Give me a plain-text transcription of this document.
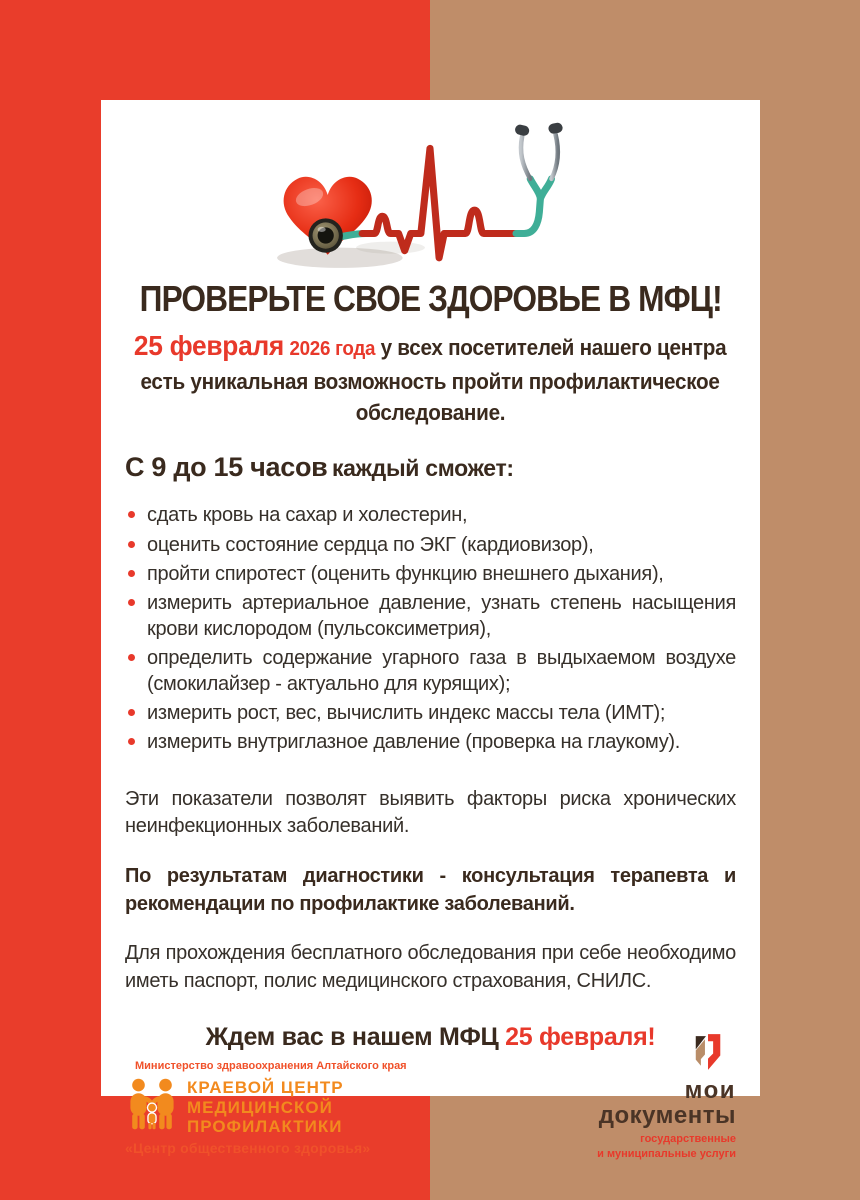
ПРОВЕРЬТЕ СВОЕ ЗДОРОВЬЕ В МФЦ!
25 февраля 2026 года у всех посетителей нашего центра
есть уникальная возможность пройти профилактическое
обследование.
С 9 до 15 часов каждый сможет:
сдать кровь на сахар и холестерин,
оценить состояние сердца по ЭКГ (кардиовизор),
пройти спиротест (оценить функцию внешнего дыхания),
измерить артериальное давление, узнать степень насыщения крови кислородом (пульсоксиметрия),
определить содержание угарного газа в выдыхаемом воздухе (смокилайзер - актуально для курящих);
измерить рост, вес, вычислить индекс массы тела (ИМТ);
измерить внутриглазное давление (проверка на глаукому).

Эти показатели позволят выявить факторы риска хронических неинфекционных заболеваний.

По результатам диагностики - консультация терапевта и рекомендации по профилактике заболеваний.

Для прохождения бесплатного обследования при себе необходимо иметь паспорт, полис медицинского страхования, СНИЛС.

Ждем вас в нашем МФЦ 25 февраля!

Министерство здравоохранения Алтайского края
КРАЕВОЙ ЦЕНТР
МЕДИЦИНСКОЙ
ПРОФИЛАКТИКИ
«Центр общественного здоровья»
мои
документы
государственные
и муниципальные услуги
